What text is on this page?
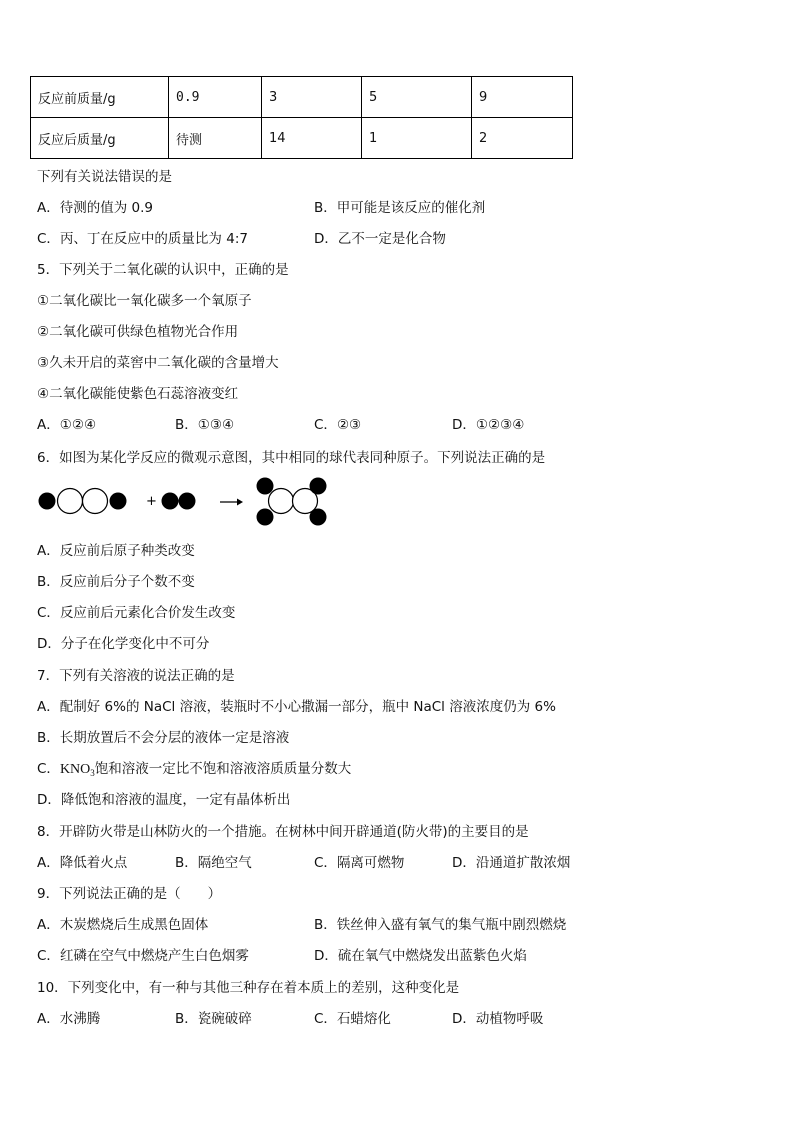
反应前质量/g	0.9	3	5	9
反应后质量/g	待测	14	1	2
下列有关说法错误的是
A．待测的值为 0.9	B．甲可能是该反应的催化剂
C．丙、丁在反应中的质量比为 4:7	D．乙不一定是化合物
5．下列关于二氧化碳的认识中，正确的是
①二氧化碳比一氧化碳多一个氧原子
②二氧化碳可供绿色植物光合作用
③久未开启的菜窖中二氧化碳的含量增大
④二氧化碳能使紫色石蕊溶液变红
A．①②④	B．①③④	C．②③	D．①②③④
6．如图为某化学反应的微观示意图，其中相同的球代表同种原子。下列说法正确的是
+
A．反应前后原子种类改变
B．反应前后分子个数不变
C．反应前后元素化合价发生改变
D．分子在化学变化中不可分
7．下列有关溶液的说法正确的是
A．配制好 6%的 NaCl 溶液，装瓶时不小心撒漏一部分，瓶中 NaCl 溶液浓度仍为 6%
B．长期放置后不会分层的液体一定是溶液
C．$KNO_3$饱和溶液一定比不饱和溶液溶质质量分数大
D．降低饱和溶液的温度，一定有晶体析出
8．开辟防火带是山林防火的一个措施。在树林中间开辟通道(防火带)的主要目的是
A．降低着火点	B．隔绝空气	C．隔离可燃物	D．沿通道扩散浓烟
9．下列说法正确的是（　　）
A．木炭燃烧后生成黑色固体	B．铁丝伸入盛有氧气的集气瓶中剧烈燃烧
C．红磷在空气中燃烧产生白色烟雾	D．硫在氧气中燃烧发出蓝紫色火焰
10．下列变化中，有一种与其他三种存在着本质上的差别，这种变化是
A．水沸腾	B．瓷碗破碎	C．石蜡熔化	D．动植物呼吸
